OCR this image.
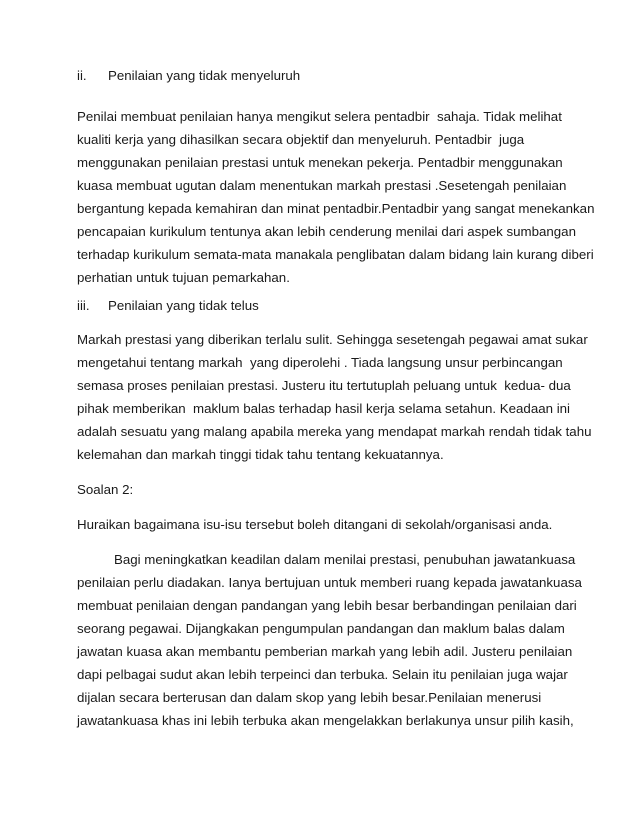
ii. Penilaian yang tidak menyeluruh
Penilai membuat penilaian hanya mengikut selera pentadbir  sahaja. Tidak melihat
kualiti kerja yang dihasilkan secara objektif dan menyeluruh. Pentadbir  juga
menggunakan penilaian prestasi untuk menekan pekerja. Pentadbir menggunakan
kuasa membuat ugutan dalam menentukan markah prestasi .Sesetengah penilaian
bergantung kepada kemahiran dan minat pentadbir.Pentadbir yang sangat menekankan
pencapaian kurikulum tentunya akan lebih cenderung menilai dari aspek sumbangan
terhadap kurikulum semata-mata manakala penglibatan dalam bidang lain kurang diberi
perhatian untuk tujuan pemarkahan.
iii. Penilaian yang tidak telus
Markah prestasi yang diberikan terlalu sulit. Sehingga sesetengah pegawai amat sukar
mengetahui tentang markah  yang diperolehi . Tiada langsung unsur perbincangan
semasa proses penilaian prestasi. Justeru itu tertutuplah peluang untuk  kedua- dua
pihak memberikan  maklum balas terhadap hasil kerja selama setahun. Keadaan ini
adalah sesuatu yang malang apabila mereka yang mendapat markah rendah tidak tahu
kelemahan dan markah tinggi tidak tahu tentang kekuatannya.
Soalan 2:
Huraikan bagaimana isu-isu tersebut boleh ditangani di sekolah/organisasi anda.
Bagi meningkatkan keadilan dalam menilai prestasi, penubuhan jawatankuasa
penilaian perlu diadakan. Ianya bertujuan untuk memberi ruang kepada jawatankuasa
membuat penilaian dengan pandangan yang lebih besar berbandingan penilaian dari
seorang pegawai. Dijangkakan pengumpulan pandangan dan maklum balas dalam
jawatan kuasa akan membantu pemberian markah yang lebih adil. Justeru penilaian
dapi pelbagai sudut akan lebih terpeinci dan terbuka. Selain itu penilaian juga wajar
dijalan secara berterusan dan dalam skop yang lebih besar.Penilaian menerusi
jawatankuasa khas ini lebih terbuka akan mengelakkan berlakunya unsur pilih kasih,
